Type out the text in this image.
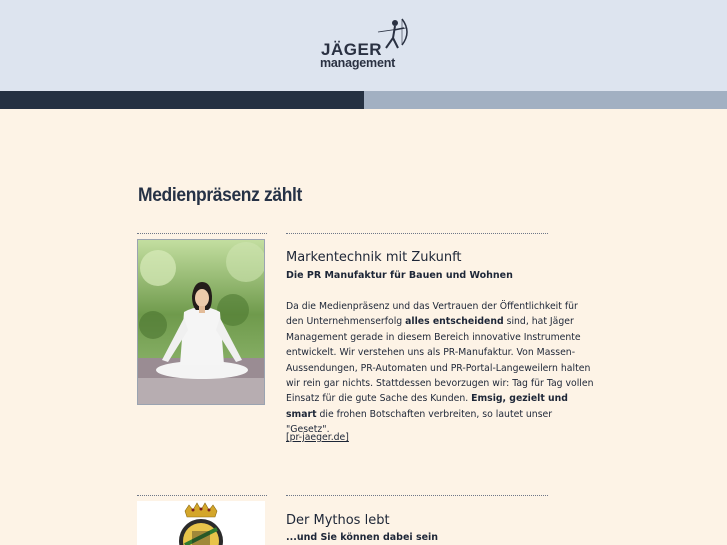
JÄGER
management
Medienpräsenz zählt
Markentechnik mit Zukunft
Die PR Manufaktur für Bauen und Wohnen
Da die Medienpräsenz und das Vertrauen der Öffentlichkeit für den Unternehmenserfolg alles entscheidend sind, hat Jäger Management gerade in diesem Bereich innovative Instrumente entwickelt. Wir verstehen uns als PR-Manufaktur. Von Massen-Aussendungen, PR-Automaten und PR-Portal-Langeweilern halten wir rein gar nichts. Stattdessen bevorzugen wir: Tag für Tag vollen Einsatz für die gute Sache des Kunden. Emsig, gezielt und smart die frohen Botschaften verbreiten, so lautet unser "Gesetz".
[pr-jaeger.de]
Der Mythos lebt
...und Sie können dabei sein
